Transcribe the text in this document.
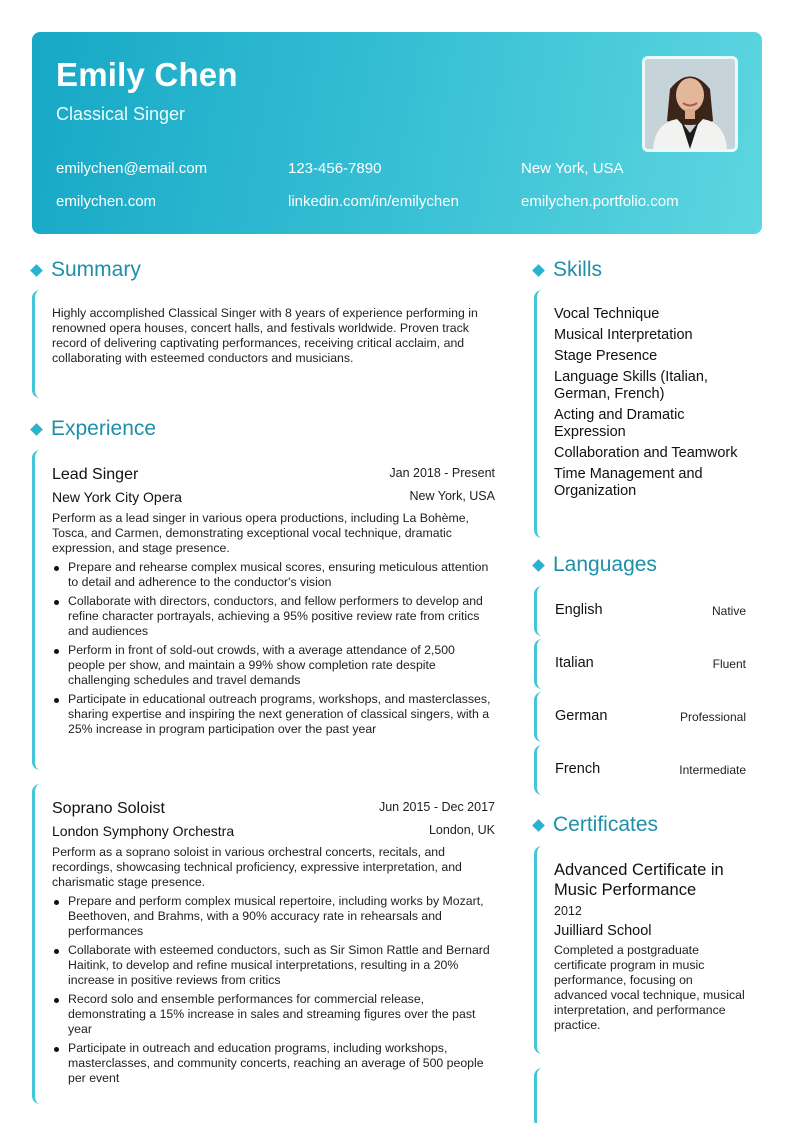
Emily Chen
Classical Singer
emilychen@email.com	123-456-7890	New York, USA
emilychen.com	linkedin.com/in/emilychen	emilychen.portfolio.com
Summary

Highly accomplished Classical Singer with 8 years of experience performing in renowned opera houses, concert halls, and festivals worldwide. Proven track record of delivering captivating performances, receiving critical acclaim, and collaborating with esteemed conductors and musicians.

Experience
Lead Singer	Jan 2018 - Present
New York City Opera	New York, USA

Perform as a lead singer in various opera productions, including La Bohème, Tosca, and Carmen, demonstrating exceptional vocal technique, dramatic expression, and stage presence.

Prepare and rehearse complex musical scores, ensuring meticulous attention to detail and adherence to the conductor's vision
Collaborate with directors, conductors, and fellow performers to develop and refine character portrayals, achieving a 95% positive review rate from critics and audiences
Perform in front of sold-out crowds, with a average attendance of 2,500 people per show, and maintain a 99% show completion rate despite challenging schedules and travel demands
Participate in educational outreach programs, workshops, and masterclasses, sharing expertise and inspiring the next generation of classical singers, with a 25% increase in program participation over the past year
Soprano Soloist	Jun 2015 - Dec 2017
London Symphony Orchestra	London, UK

Perform as a soprano soloist in various orchestral concerts, recitals, and recordings, showcasing technical proficiency, expressive interpretation, and charismatic stage presence.

Prepare and perform complex musical repertoire, including works by Mozart, Beethoven, and Brahms, with a 90% accuracy rate in rehearsals and performances
Collaborate with esteemed conductors, such as Sir Simon Rattle and Bernard Haitink, to develop and refine musical interpretations, resulting in a 20% increase in positive reviews from critics
Record solo and ensemble performances for commercial release, demonstrating a 15% increase in sales and streaming figures over the past year
Participate in outreach and education programs, including workshops, masterclasses, and community concerts, reaching an average of 500 people per event
Skills
Vocal Technique
Musical Interpretation
Stage Presence
Language Skills (Italian, German, French)
Acting and Dramatic Expression
Collaboration and Teamwork
Time Management and Organization
Languages
English	Native
Italian	Fluent
German	Professional
French	Intermediate
Certificates
Advanced Certificate in Music Performance
2012
Juilliard School

Completed a postgraduate certificate program in music performance, focusing on advanced vocal technique, musical interpretation, and performance practice.
